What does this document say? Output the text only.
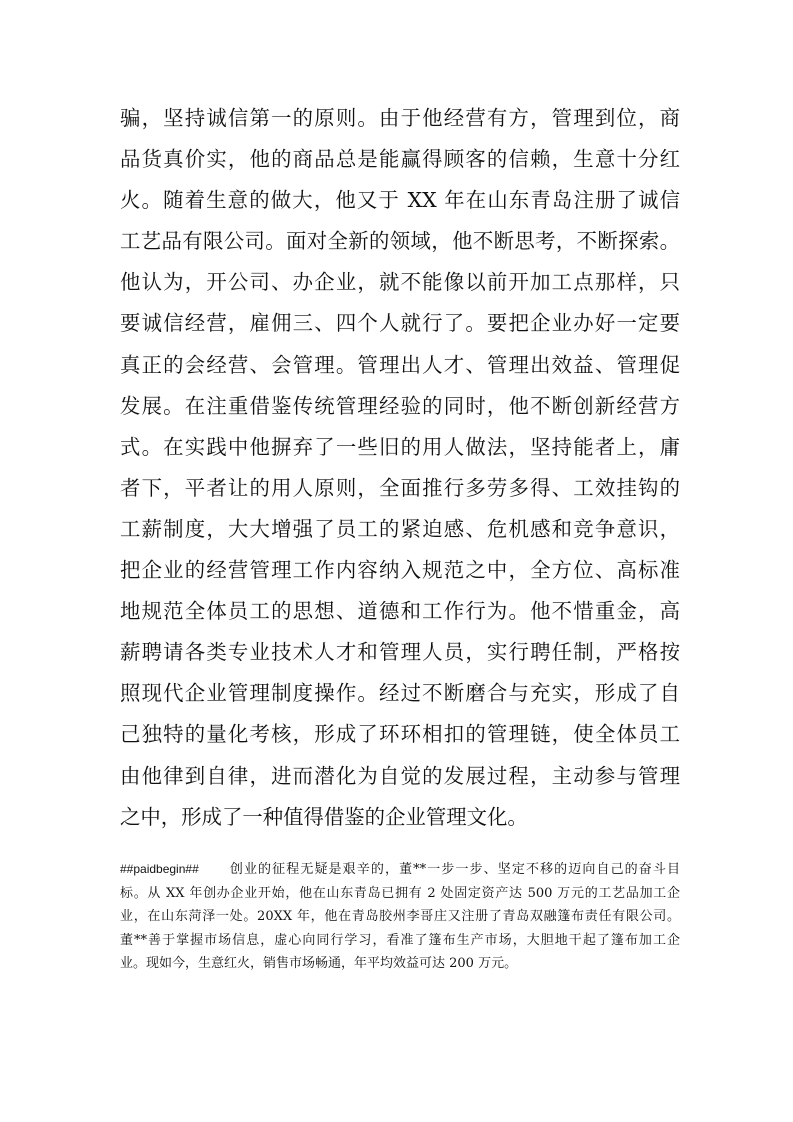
骗，坚持诚信第一的原则。由于他经营有方，管理到位，商
品货真价实，他的商品总是能赢得顾客的信赖，生意十分红
火。随着生意的做大，他又于 XX 年在山东青岛注册了诚信
工艺品有限公司。面对全新的领域，他不断思考，不断探索。
他认为，开公司、办企业，就不能像以前开加工点那样，只
要诚信经营，雇佣三、四个人就行了。要把企业办好一定要
真正的会经营、会管理。管理出人才、管理出效益、管理促
发展。在注重借鉴传统管理经验的同时，他不断创新经营方
式。在实践中他摒弃了一些旧的用人做法，坚持能者上，庸
者下，平者让的用人原则，全面推行多劳多得、工效挂钩的
工薪制度，大大增强了员工的紧迫感、危机感和竞争意识，
把企业的经营管理工作内容纳入规范之中，全方位、高标准
地规范全体员工的思想、道德和工作行为。他不惜重金，高
薪聘请各类专业技术人才和管理人员，实行聘任制，严格按
照现代企业管理制度操作。经过不断磨合与充实，形成了自
己独特的量化考核，形成了环环相扣的管理链，使全体员工
由他律到自律，进而潜化为自觉的发展过程，主动参与管理
之中，形成了一种值得借鉴的企业管理文化。
##paidbegin## 创业的征程无疑是艰辛的，董**一步一步、坚定不移的迈向自己的奋斗目
标。从 XX 年创办企业开始，他在山东青岛已拥有 2 处固定资产达 500 万元的工艺品加工企
业，在山东菏泽一处。20XX 年，他在青岛胶州李哥庄又注册了青岛双融篷布责任有限公司。
董**善于掌握市场信息，虚心向同行学习，看准了篷布生产市场，大胆地干起了篷布加工企
业。现如今，生意红火，销售市场畅通，年平均效益可达 200 万元。
